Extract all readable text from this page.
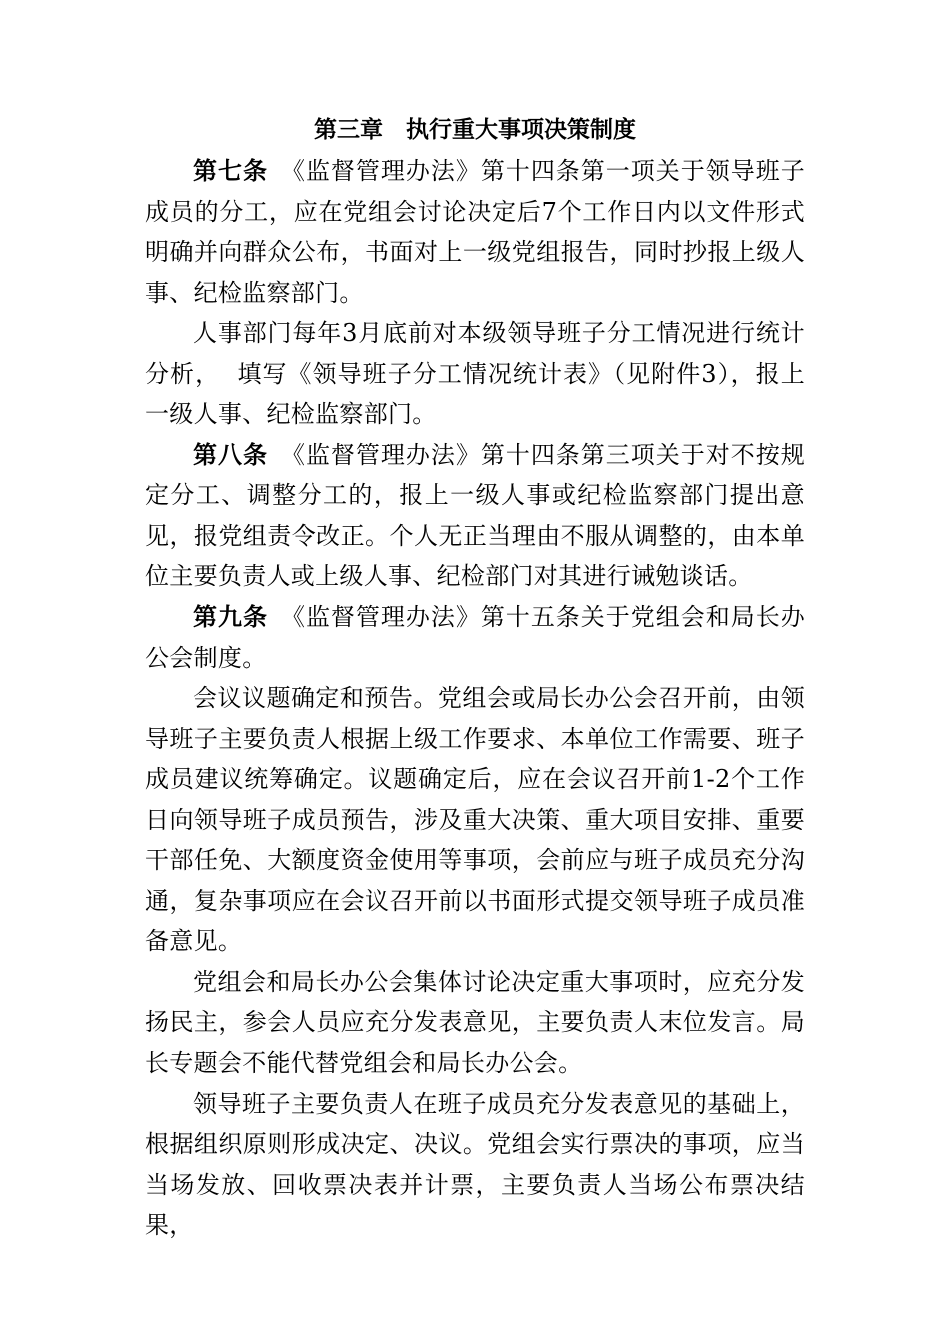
第三章　执行重大事项决策制度

第七条　《监督管理办法》第十四条第一项关于领导班子成员的分工，应在党组会讨论决定后7个工作日内以文件形式明确并向群众公布，书面对上一级党组报告，同时抄报上级人事、纪检监察部门。

人事部门每年3月底前对本级领导班子分工情况进行统计分析，  填写《领导班子分工情况统计表》（见附件3），报上一级人事、纪检监察部门。

第八条　《监督管理办法》第十四条第三项关于对不按规定分工、调整分工的，报上一级人事或纪检监察部门提出意见，报党组责令改正。个人无正当理由不服从调整的，由本单位主要负责人或上级人事、纪检部门对其进行诫勉谈话。

第九条　《监督管理办法》第十五条关于党组会和局长办公会制度。

会议议题确定和预告。党组会或局长办公会召开前，由领导班子主要负责人根据上级工作要求、本单位工作需要、班子成员建议统筹确定。议题确定后，应在会议召开前1-2个工作日向领导班子成员预告，涉及重大决策、重大项目安排、重要干部任免、大额度资金使用等事项，会前应与班子成员充分沟通，复杂事项应在会议召开前以书面形式提交领导班子成员准备意见。

党组会和局长办公会集体讨论决定重大事项时，应充分发扬民主，参会人员应充分发表意见，主要负责人末位发言。局长专题会不能代替党组会和局长办公会。

领导班子主要负责人在班子成员充分发表意见的基础上，根据组织原则形成决定、决议。党组会实行票决的事项，应当当场发放、回收票决表并计票，主要负责人当场公布票决结果，
